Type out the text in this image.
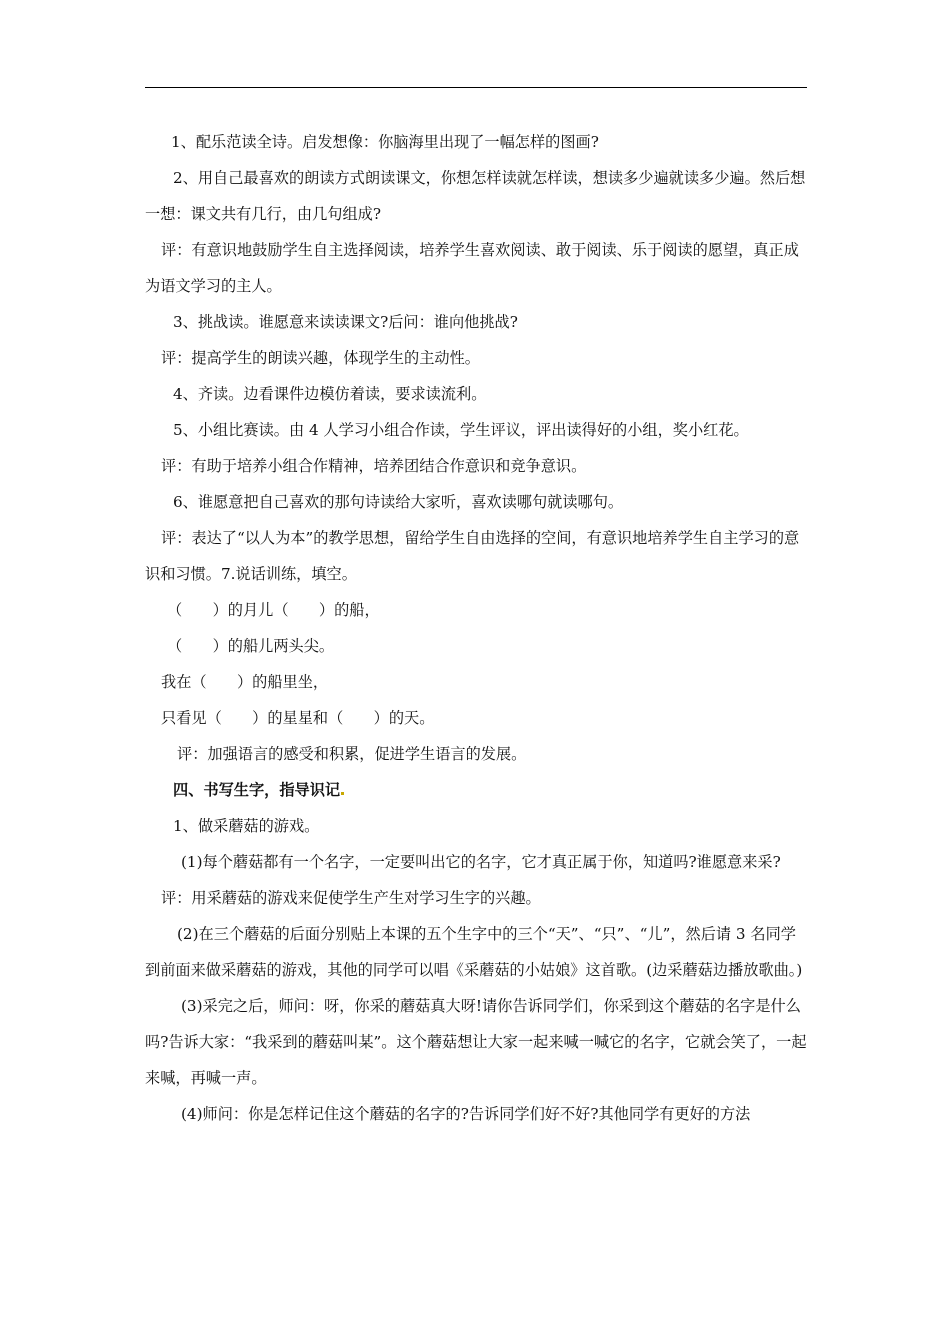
1、配乐范读全诗。启发想像：你脑海里出现了一幅怎样的图画?

2、用自己最喜欢的朗读方式朗读课文，你想怎样读就怎样读，想读多少遍就读多少遍。然后想一想：课文共有几行，由几句组成?

评：有意识地鼓励学生自主选择阅读，培养学生喜欢阅读、敢于阅读、乐于阅读的愿望，真正成为语文学习的主人。

3、挑战读。谁愿意来读读课文?后问：谁向他挑战?

评：提高学生的朗读兴趣，体现学生的主动性。

4、齐读。边看课件边模仿着读，要求读流利。

5、小组比赛读。由 4 人学习小组合作读，学生评议，评出读得好的小组，奖小红花。

评：有助于培养小组合作精神，培养团结合作意识和竞争意识。

6、谁愿意把自己喜欢的那句诗读给大家听，喜欢读哪句就读哪句。

评：表达了“以人为本”的教学思想，留给学生自由选择的空间，有意识地培养学生自主学习的意识和习惯。7.说话训练，填空。

（　　）的月儿（　　）的船，

（　　）的船儿两头尖。

我在（　　）的船里坐，

只看见（　　）的星星和（　　）的天。

评：加强语言的感受和积累，促进学生语言的发展。

四、书写生字，指导识记

1、做采蘑菇的游戏。

(1)每个蘑菇都有一个名字，一定要叫出它的名字，它才真正属于你，知道吗?谁愿意来采?

评：用采蘑菇的游戏来促使学生产生对学习生字的兴趣。

(2)在三个蘑菇的后面分别贴上本课的五个生字中的三个“天”、“只”、“儿”，然后请 3 名同学到前面来做采蘑菇的游戏，其他的同学可以唱《采蘑菇的小姑娘》这首歌。(边采蘑菇边播放歌曲。)

(3)采完之后，师问：呀，你采的蘑菇真大呀!请你告诉同学们，你采到这个蘑菇的名字是什么吗?告诉大家：“我采到的蘑菇叫某”。这个蘑菇想让大家一起来喊一喊它的名字，它就会笑了，一起来喊，再喊一声。

(4)师问：你是怎样记住这个蘑菇的名字的?告诉同学们好不好?其他同学有更好的方法
